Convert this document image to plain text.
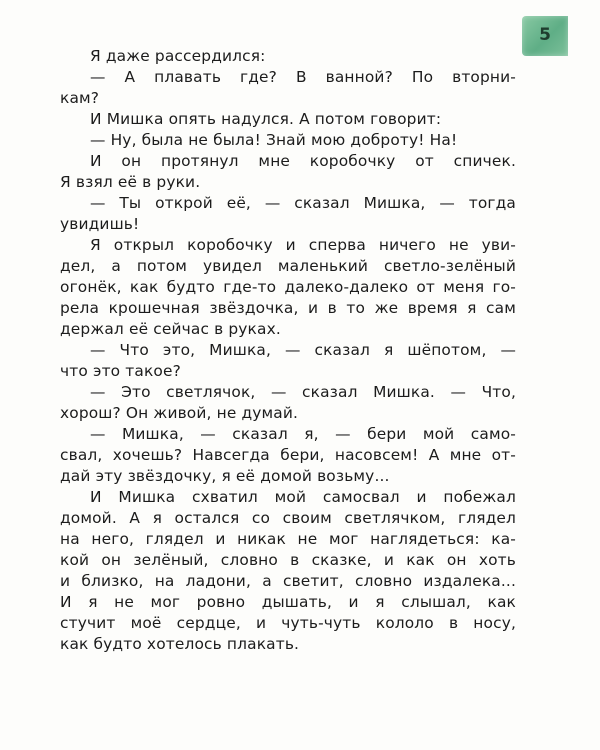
5
Я даже рассердился:
— А плавать где? В ванной? По вторни-
кам?
И Мишка опять надулся. А потом говорит:
— Ну, была не была! Знай мою доброту! На!
И он протянул мне коробочку от спичек.
Я взял её в руки.
— Ты открой её, — сказал Мишка, — тогда
увидишь!
Я открыл коробочку и сперва ничего не уви-
дел, а потом увидел маленький светло-зелёный
огонёк, как будто где-то далеко-далеко от меня го-
рела крошечная звёздочка, и в то же время я сам
держал её сейчас в руках.
— Что это, Мишка, — сказал я шёпотом, —
что это такое?
— Это светлячок, — сказал Мишка. — Что,
хорош? Он живой, не думай.
— Мишка, — сказал я, — бери мой само-
свал, хочешь? Навсегда бери, насовсем! А мне от-
дай эту звёздочку, я её домой возьму...
И Мишка схватил мой самосвал и побежал
домой. А я остался со своим светлячком, глядел
на него, глядел и никак не мог наглядеться: ка-
кой он зелёный, словно в сказке, и как он хоть
и близко, на ладони, а светит, словно издалека...
И я не мог ровно дышать, и я слышал, как
стучит моё сердце, и чуть-чуть кололо в носу,
как будто хотелось плакать.
